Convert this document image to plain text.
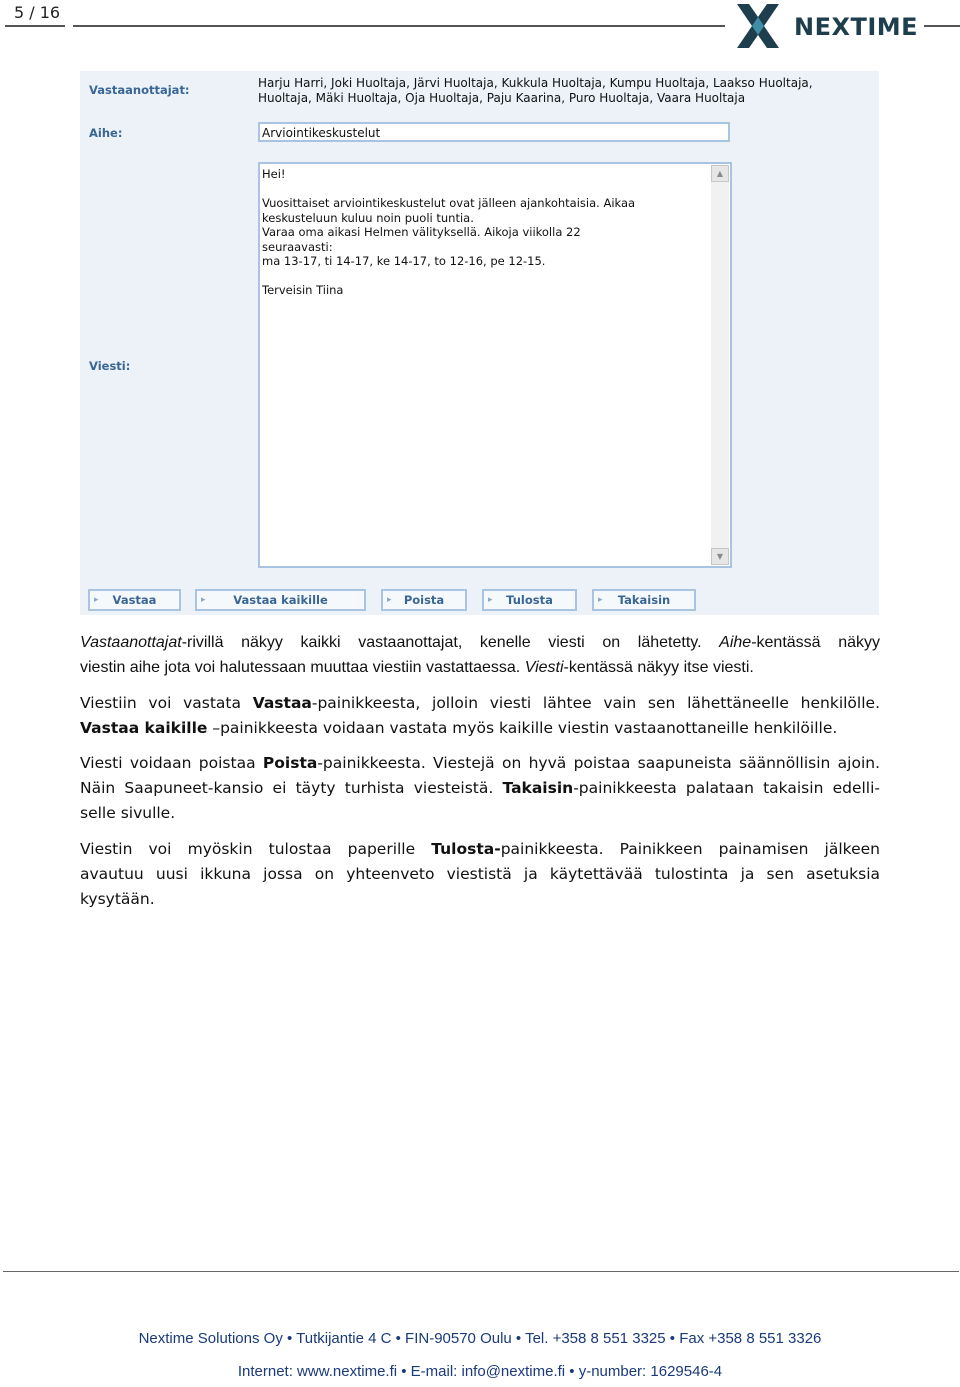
5 / 16
NEXTIME
Vastaanottajat:	Harju Harri, Joki Huoltaja, Järvi Huoltaja, Kukkula Huoltaja, Kumpu Huoltaja, Laakso Huoltaja,
Huoltaja, Mäki Huoltaja, Oja Huoltaja, Paju Kaarina, Puro Huoltaja, Vaara Huoltaja
Aihe:	Arviointikeskustelut
Viesti:
Hei!

Vuosittaiset arviointikeskustelut ovat jälleen ajankohtaisia. Aikaa
keskusteluun kuluu noin puoli tuntia.
Varaa oma aikasi Helmen välityksellä. Aikoja viikolla 22
seuraavasti:
ma 13-17, ti 14-17, ke 14-17, to 12-16, pe 12-15.

Terveisin Tiina
▲
▼
▸ Vastaa	▸ Vastaa kaikille	▸ Poista	▸ Tulosta	▸ Takaisin
Vastaanottajat-rivillä näkyy kaikki vastaanottajat, kenelle viesti on lähetetty. Aihe-kentässä näkyy
viestin aihe jota voi halutessaan muuttaa viestiin vastattaessa. Viesti-kentässä näkyy itse viesti.
Viestiin voi vastata Vastaa-painikkeesta, jolloin viesti lähtee vain sen lähettäneelle henkilölle.
Vastaa kaikille –painikkeesta voidaan vastata myös kaikille viestin vastaanottaneille henkilöille.
Viesti voidaan poistaa Poista-painikkeesta. Viestejä on hyvä poistaa saapuneista säännöllisin ajoin.
Näin Saapuneet-kansio ei täyty turhista viesteistä. Takaisin-painikkeesta palataan takaisin edelli-
selle sivulle.
Viestin voi myöskin tulostaa paperille Tulosta-painikkeesta. Painikkeen painamisen jälkeen
avautuu uusi ikkuna jossa on yhteenveto viestistä ja käytettävää tulostinta ja sen asetuksia
kysytään.
Nextime Solutions Oy • Tutkijantie 4 C • FIN-90570 Oulu • Tel. +358 8 551 3325 • Fax +358 8 551 3326
Internet: www.nextime.fi • E-mail: info@nextime.fi • y-number: 1629546-4
